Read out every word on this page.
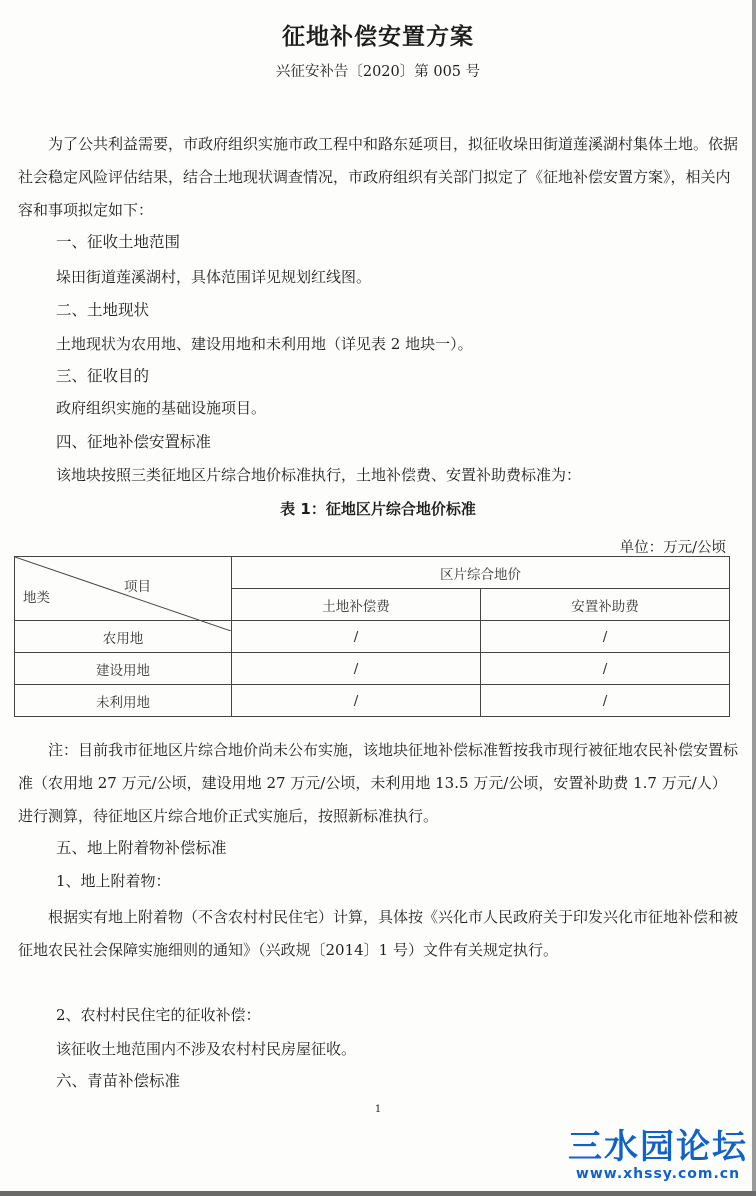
征地补偿安置方案
兴征安补告〔2020〕第 005 号

为了公共利益需要，市政府组织实施市政工程中和路东延项目，拟征收垛田街道莲溪湖村集体土地。依据社会稳定风险评估结果，结合土地现状调查情况，市政府组织有关部门拟定了《征地补偿安置方案》，相关内容和事项拟定如下：

一、征收土地范围
垛田街道莲溪湖村，具体范围详见规划红线图。
二、土地现状
土地现状为农用地、建设用地和未利用地（详见表 2 地块一）。
三、征收目的
政府组织实施的基础设施项目。
四、征地补偿安置标准
该地块按照三类征地区片综合地价标准执行，土地补偿费、安置补助费标准为：
表 1：征地区片综合地价标准
单位：万元/公顷
项目
地类	区片综合地价	
	土地补偿费	安置补助费
农用地	/	/
建设用地	/	/
未利用地	/	/

注：目前我市征地区片综合地价尚未公布实施，该地块征地补偿标准暂按我市现行被征地农民补偿安置标准（农用地 27 万元/公顷，建设用地 27 万元/公顷，未利用地 13.5 万元/公顷，安置补助费 1.7 万元/人）进行测算，待征地区片综合地价正式实施后，按照新标准执行。

五、地上附着物补偿标准
1、地上附着物：

根据实有地上附着物（不含农村村民住宅）计算，具体按《兴化市人民政府关于印发兴化市征地补偿和被征地农民社会保障实施细则的通知》（兴政规〔2014〕1 号）文件有关规定执行。

2、农村村民住宅的征收补偿：
该征收土地范围内不涉及农村村民房屋征收。
六、青苗补偿标准
1
三水园论坛
www.xhssy.com.cn
